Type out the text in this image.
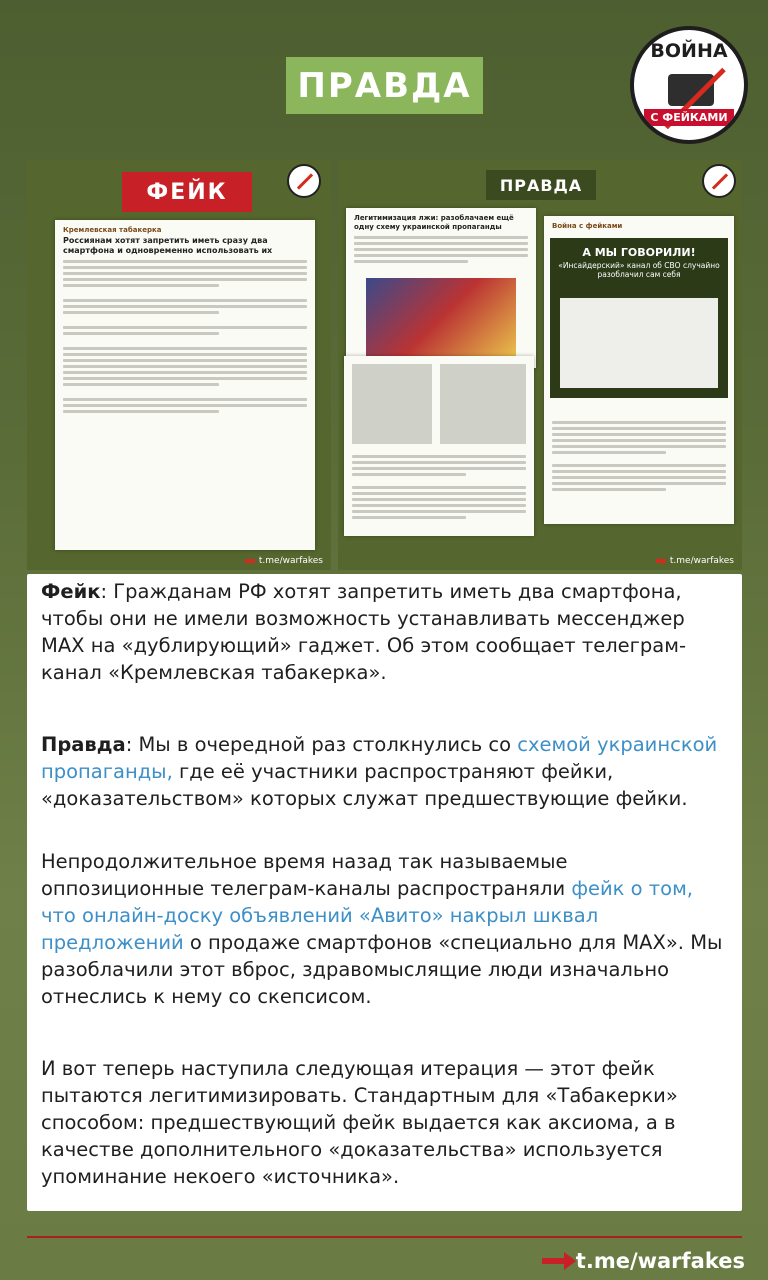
ПРАВДА
ВОЙНА
С ФЕЙКАМИ
ФЕЙК
Кремлевская табакерка
Россиянам хотят запретить иметь сразу два смартфона и одновременно использовать их
t.me/warfakes
ПРАВДА
Легитимизация лжи: разоблачаем ещё одну схему украинской пропаганды	Война с фейками
А МЫ ГОВОРИЛИ!
«Инсайдерский» канал об СВО случайно разоблачил сам себя
t.me/warfakes

Фейк: Гражданам РФ хотят запретить иметь два смартфона, чтобы они не имели возможность устанавливать мессенджер MAX на «дублирующий» гаджет. Об этом сообщает телеграм-канал «Кремлевская табакерка».

Правда: Мы в очередной раз столкнулись со схемой украинской пропаганды, где её участники распространяют фейки, «доказательством» которых служат предшествующие фейки.

Непродолжительное время назад так называемые оппозиционные телеграм-каналы распространяли фейк о том, что онлайн-доску объявлений «Авито» накрыл шквал предложений о продаже смартфонов «специально для MAX». Мы разоблачили этот вброс, здравомыслящие люди изначально отнеслись к нему со скепсисом.

И вот теперь наступила следующая итерация — этот фейк пытаются легитимизировать. Стандартным для «Табакерки» способом: предшествующий фейк выдается как аксиома, а в качестве дополнительного «доказательства» используется упоминание некоего «источника».

t.me/warfakes
